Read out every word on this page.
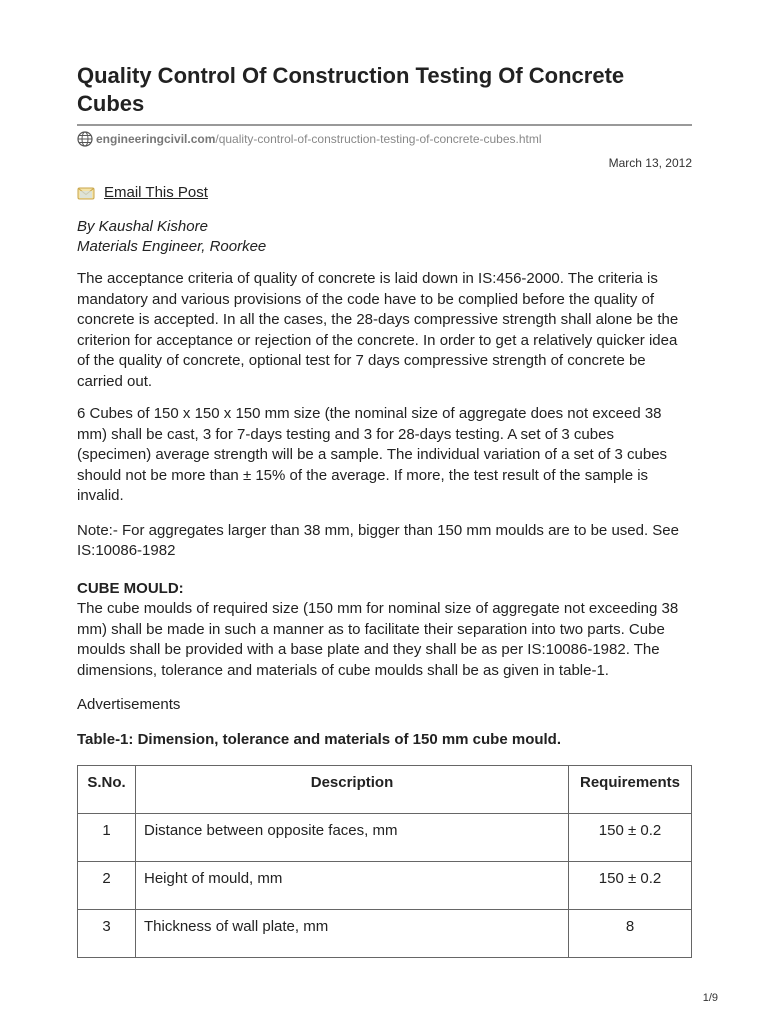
Quality Control Of Construction Testing Of Concrete Cubes
engineeringcivil.com /quality-control-of-construction-testing-of-concrete-cubes.html
March 13, 2012
Email This Post
By Kaushal Kishore
Materials Engineer, Roorkee

The acceptance criteria of quality of concrete is laid down in IS:456-2000. The criteria is mandatory and various provisions of the code have to be complied before the quality of concrete is accepted. In all the cases, the 28-days compressive strength shall alone be the criterion for acceptance or rejection of the concrete. In order to get a relatively quicker idea of the quality of concrete, optional test for 7 days compressive strength of concrete be carried out.

6 Cubes of 150 x 150 x 150 mm size (the nominal size of aggregate does not exceed 38 mm) shall be cast, 3 for 7-days testing and 3 for 28-days testing. A set of 3 cubes (specimen) average strength will be a sample. The individual variation of a set of 3 cubes should not be more than ± 15% of the average. If more, the test result of the sample is invalid.

Note:- For aggregates larger than 38 mm, bigger than 150 mm moulds are to be used. See IS:10086-1982

CUBE MOULD:
The cube moulds of required size (150 mm for nominal size of aggregate not exceeding 38 mm) shall be made in such a manner as to facilitate their separation into two parts. Cube moulds shall be provided with a base plate and they shall be as per IS:10086-1982. The dimensions, tolerance and materials of cube moulds shall be as given in table-1.

Advertisements

Table-1: Dimension, tolerance and materials of 150 mm cube mould.
S.No.	Description	Requirements
1	Distance between opposite faces, mm	150 ± 0.2
2	Height of mould, mm	150 ± 0.2
3	Thickness of wall plate, mm	8
1/9
